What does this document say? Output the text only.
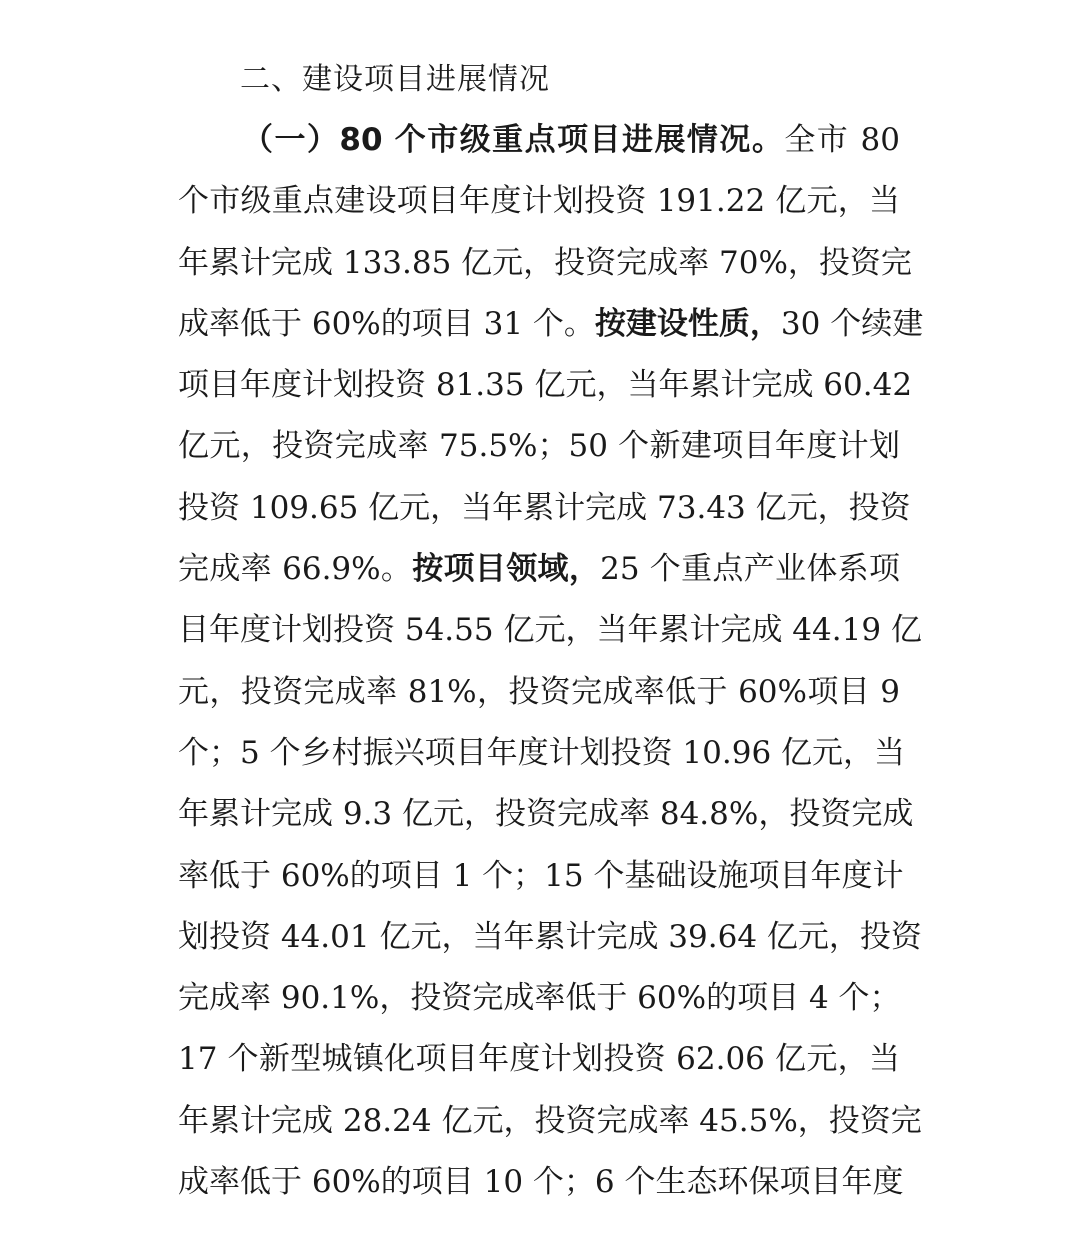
二、建设项目进展情况
（一）80 个市级重点项目进展情况。全市 80
个市级重点建设项目年度计划投资 191.22 亿元，当
年累计完成 133.85 亿元，投资完成率 70%，投资完
成率低于 60%的项目 31 个。按建设性质，30 个续建
项目年度计划投资 81.35 亿元，当年累计完成 60.42
亿元，投资完成率 75.5%；50 个新建项目年度计划
投资 109.65 亿元，当年累计完成 73.43 亿元，投资
完成率 66.9%。按项目领域，25 个重点产业体系项
目年度计划投资 54.55 亿元，当年累计完成 44.19 亿
元，投资完成率 81%，投资完成率低于 60%项目 9
个；5 个乡村振兴项目年度计划投资 10.96 亿元，当
年累计完成 9.3 亿元，投资完成率 84.8%，投资完成
率低于 60%的项目 1 个；15 个基础设施项目年度计
划投资 44.01 亿元，当年累计完成 39.64 亿元，投资
完成率 90.1%，投资完成率低于 60%的项目 4 个；
17 个新型城镇化项目年度计划投资 62.06 亿元，当
年累计完成 28.24 亿元，投资完成率 45.5%，投资完
成率低于 60%的项目 10 个；6 个生态环保项目年度
